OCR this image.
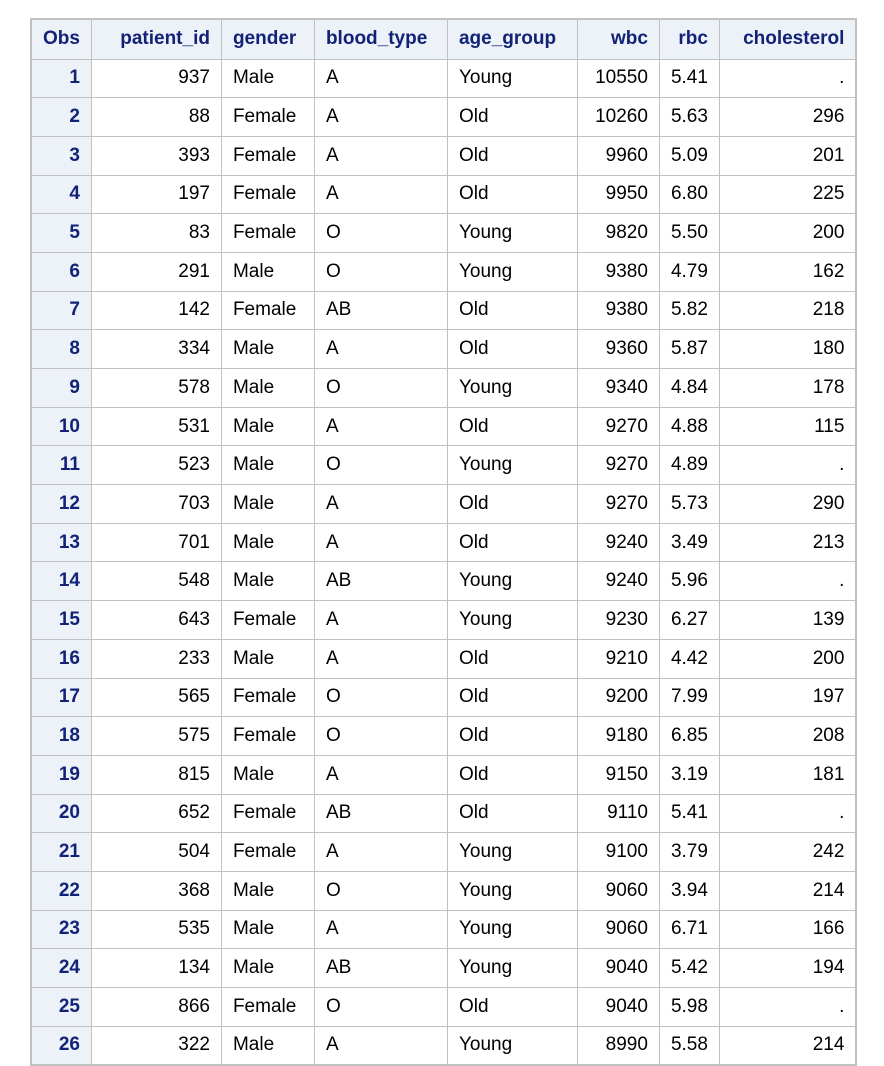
Obs	patient_id	gender	blood_type	age_group	wbc	rbc	cholesterol
1	937	Male	A	Young	10550	5.41	.
2	88	Female	A	Old	10260	5.63	296
3	393	Female	A	Old	9960	5.09	201
4	197	Female	A	Old	9950	6.80	225
5	83	Female	O	Young	9820	5.50	200
6	291	Male	O	Young	9380	4.79	162
7	142	Female	AB	Old	9380	5.82	218
8	334	Male	A	Old	9360	5.87	180
9	578	Male	O	Young	9340	4.84	178
10	531	Male	A	Old	9270	4.88	115
11	523	Male	O	Young	9270	4.89	.
12	703	Male	A	Old	9270	5.73	290
13	701	Male	A	Old	9240	3.49	213
14	548	Male	AB	Young	9240	5.96	.
15	643	Female	A	Young	9230	6.27	139
16	233	Male	A	Old	9210	4.42	200
17	565	Female	O	Old	9200	7.99	197
18	575	Female	O	Old	9180	6.85	208
19	815	Male	A	Old	9150	3.19	181
20	652	Female	AB	Old	9110	5.41	.
21	504	Female	A	Young	9100	3.79	242
22	368	Male	O	Young	9060	3.94	214
23	535	Male	A	Young	9060	6.71	166
24	134	Male	AB	Young	9040	5.42	194
25	866	Female	O	Old	9040	5.98	.
26	322	Male	A	Young	8990	5.58	214
